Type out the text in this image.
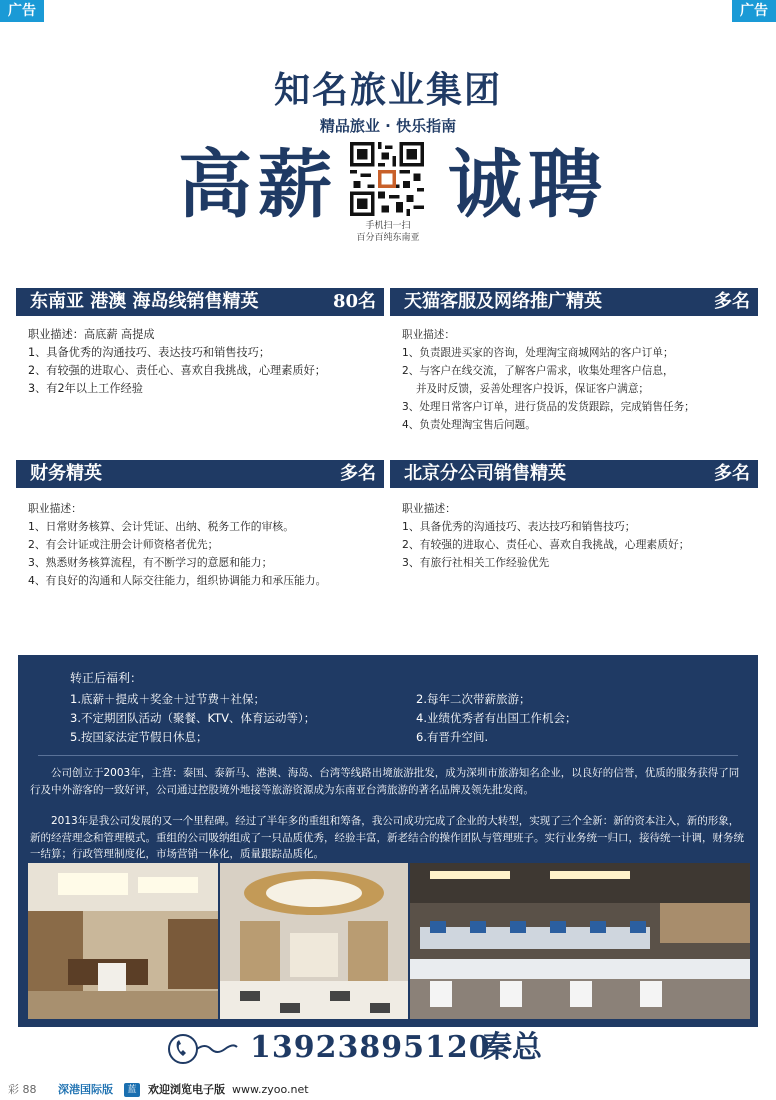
广告	广告
知名旅业集团
精品旅业 · 快乐指南
高薪	手机扫一扫
百分百纯东南亚
诚聘
东南亚 港澳 海岛线销售精英	80名
职业描述：高底薪 高提成
1、具备优秀的沟通技巧、表达技巧和销售技巧；
2、有较强的进取心、责任心、喜欢自我挑战，心理素质好；
3、有2年以上工作经验
天猫客服及网络推广精英	多名
职业描述：
1、负责跟进买家的咨询，处理淘宝商城网站的客户订单；
2、与客户在线交流，了解客户需求，收集处理客户信息，
　 并及时反馈，妥善处理客户投诉，保证客户满意；
3、处理日常客户订单，进行货品的发货跟踪，完成销售任务；
4、负责处理淘宝售后问题。
财务精英	多名
职业描述：
1、日常财务核算、会计凭证、出纳、税务工作的审核。
2、有会计证或注册会计师资格者优先；
3、熟悉财务核算流程，有不断学习的意愿和能力；
4、有良好的沟通和人际交往能力，组织协调能力和承压能力。
北京分公司销售精英	多名
职业描述：
1、具备优秀的沟通技巧、表达技巧和销售技巧；
2、有较强的进取心、责任心、喜欢自我挑战，心理素质好；
3、有旅行社相关工作经验优先
转正后福利：
1.底薪＋提成＋奖金＋过节费＋社保；
3.不定期团队活动（聚餐、KTV、体育运动等）；
5.按国家法定节假日休息；
2.每年二次带薪旅游；
4.业绩优秀者有出国工作机会；
6.有晋升空间.
公司创立于2003年，主营：泰国、泰新马、港澳、海岛、台湾等线路出境旅游批发，成为深圳市旅游知名企业，以良好的信誉，优质的服务获得了同行及中外游客的一致好评，公司通过控股境外地接等旅游资源成为东南亚台湾旅游的著名品牌及领先批发商。
2013年是我公司发展的又一个里程碑。经过了半年多的重组和筹备，我公司成功完成了企业的大转型，实现了三个全新：新的资本注入，新的形象，新的经营理念和管理模式。重组的公司吸纳组成了一只品质优秀，经验丰富，新老结合的操作团队与管理班子。实行业务统一归口，接待统一计调，财务统一结算；行政管理制度化，市场营销一体化，质量跟踪品质化。
13923895120
秦总
彩 88 深港国际版	蓝	欢迎浏览电子版 www.zyoo.net
